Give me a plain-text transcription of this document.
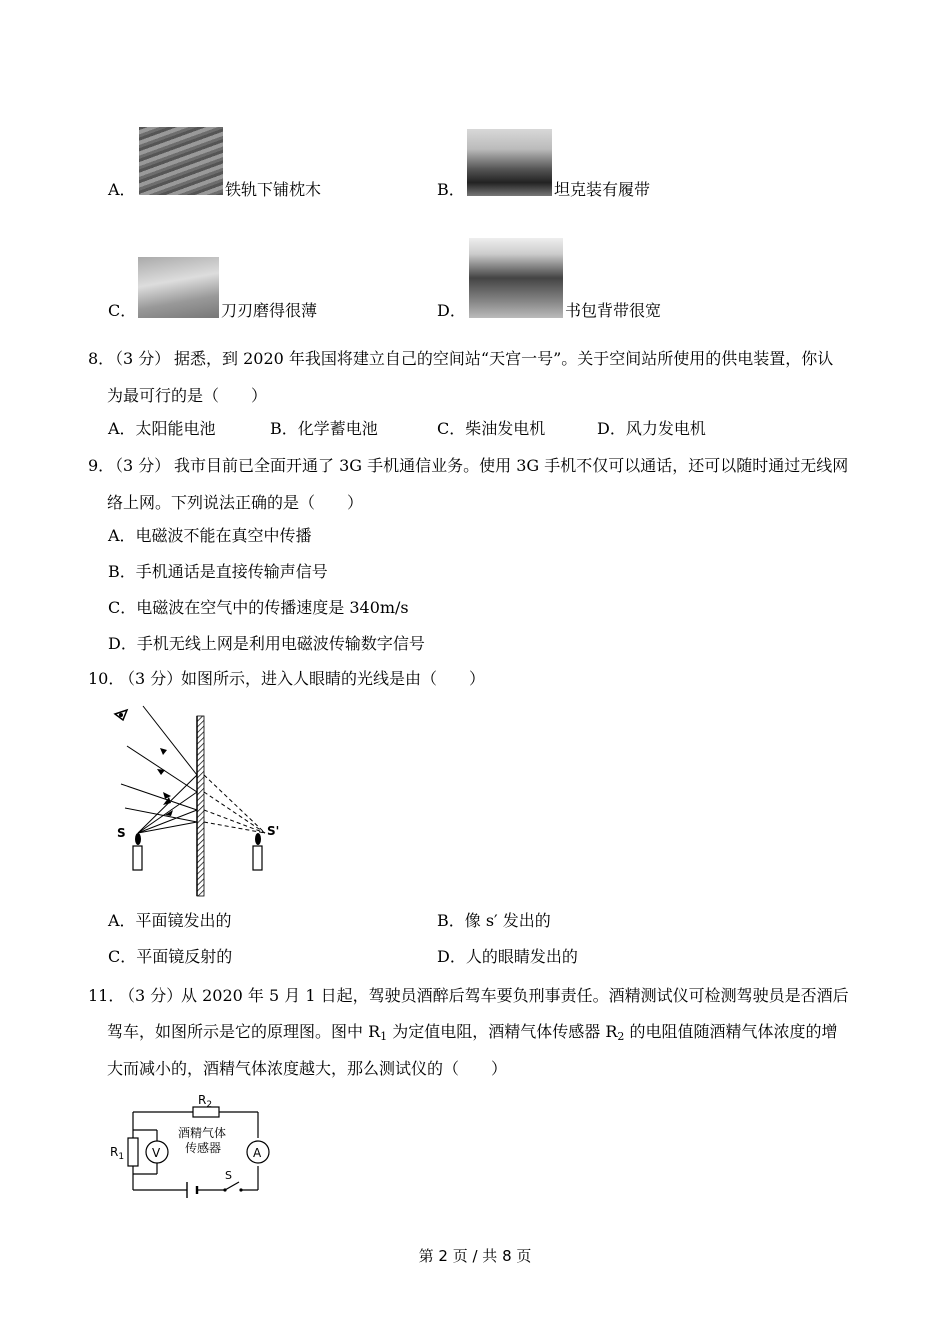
A．	铁轨下铺枕木	B．	坦克装有履带
C．	刀刃磨得很薄	D．	书包背带很宽
8．
（3 分） 据悉，到 2020 年我国将建立自己的空间站“天宫一号”。关于空间站所使用的供电装置，你认
为最可行的是（　　）
A．太阳能电池	B．化学蓄电池	C．柴油发电机	D．风力发电机
9．
（3 分） 我市目前已全面开通了 3G 手机通信业务。使用 3G 手机不仅可以通话，还可以随时通过无线网
络上网。下列说法正确的是（　　）
A．电磁波不能在真空中传播
B．手机通话是直接传输声信号
C．电磁波在空气中的传播速度是 340m/s
D．手机无线上网是利用电磁波传输数字信号
10．
（3 分）
如图所示，进入人眼睛的光线是由（　　）
S	S'
A．平面镜发出的	B．像 s′ 发出的
C．平面镜反射的	D．人的眼睛发出的
11．
（3 分）
从 2020 年 5 月 1 日起，驾驶员酒醉后驾车要负刑事责任。酒精测试仪可检测驾驶员是否酒后
驾车，如图所示是它的原理图。图中 $R_1$ 为定值电阻，酒精气体传感器 $R_2$ 的电阻值随酒精气体浓度的增
大而减小的，酒精气体浓度越大，那么测试仪的（　　）
$R_2$
酒精气体
传感器
$R_1$ V	A
S
第 2 页 / 共 8 页
